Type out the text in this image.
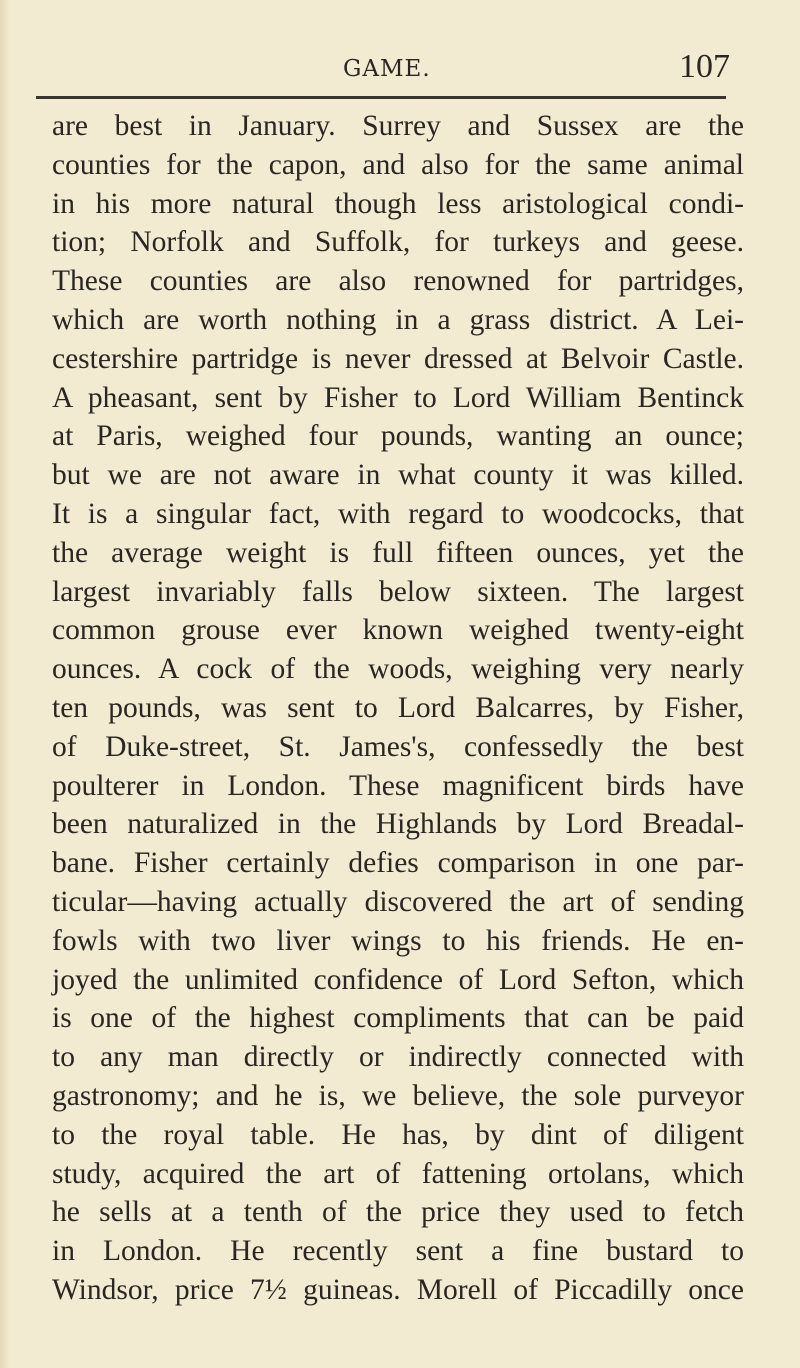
GAME.	107
are best in January. Surrey and Sussex are the
counties for the capon, and also for the same animal
in his more natural though less aristological condi-
tion; Norfolk and Suffolk, for turkeys and geese.
These counties are also renowned for partridges,
which are worth nothing in a grass district. A Lei-
cestershire partridge is never dressed at Belvoir Castle.
A pheasant, sent by Fisher to Lord William Bentinck
at Paris, weighed four pounds, wanting an ounce;
but we are not aware in what county it was killed.
It is a singular fact, with regard to woodcocks, that
the average weight is full fifteen ounces, yet the
largest invariably falls below sixteen. The largest
common grouse ever known weighed twenty-eight
ounces. A cock of the woods, weighing very nearly
ten pounds, was sent to Lord Balcarres, by Fisher,
of Duke-street, St. James's, confessedly the best
poulterer in London. These magnificent birds have
been naturalized in the Highlands by Lord Breadal-
bane. Fisher certainly defies comparison in one par-
ticular—having actually discovered the art of sending
fowls with two liver wings to his friends. He en-
joyed the unlimited confidence of Lord Sefton, which
is one of the highest compliments that can be paid
to any man directly or indirectly connected with
gastronomy; and he is, we believe, the sole purveyor
to the royal table. He has, by dint of diligent
study, acquired the art of fattening ortolans, which
he sells at a tenth of the price they used to fetch
in London. He recently sent a fine bustard to
Windsor, price 7½ guineas. Morell of Piccadilly once
